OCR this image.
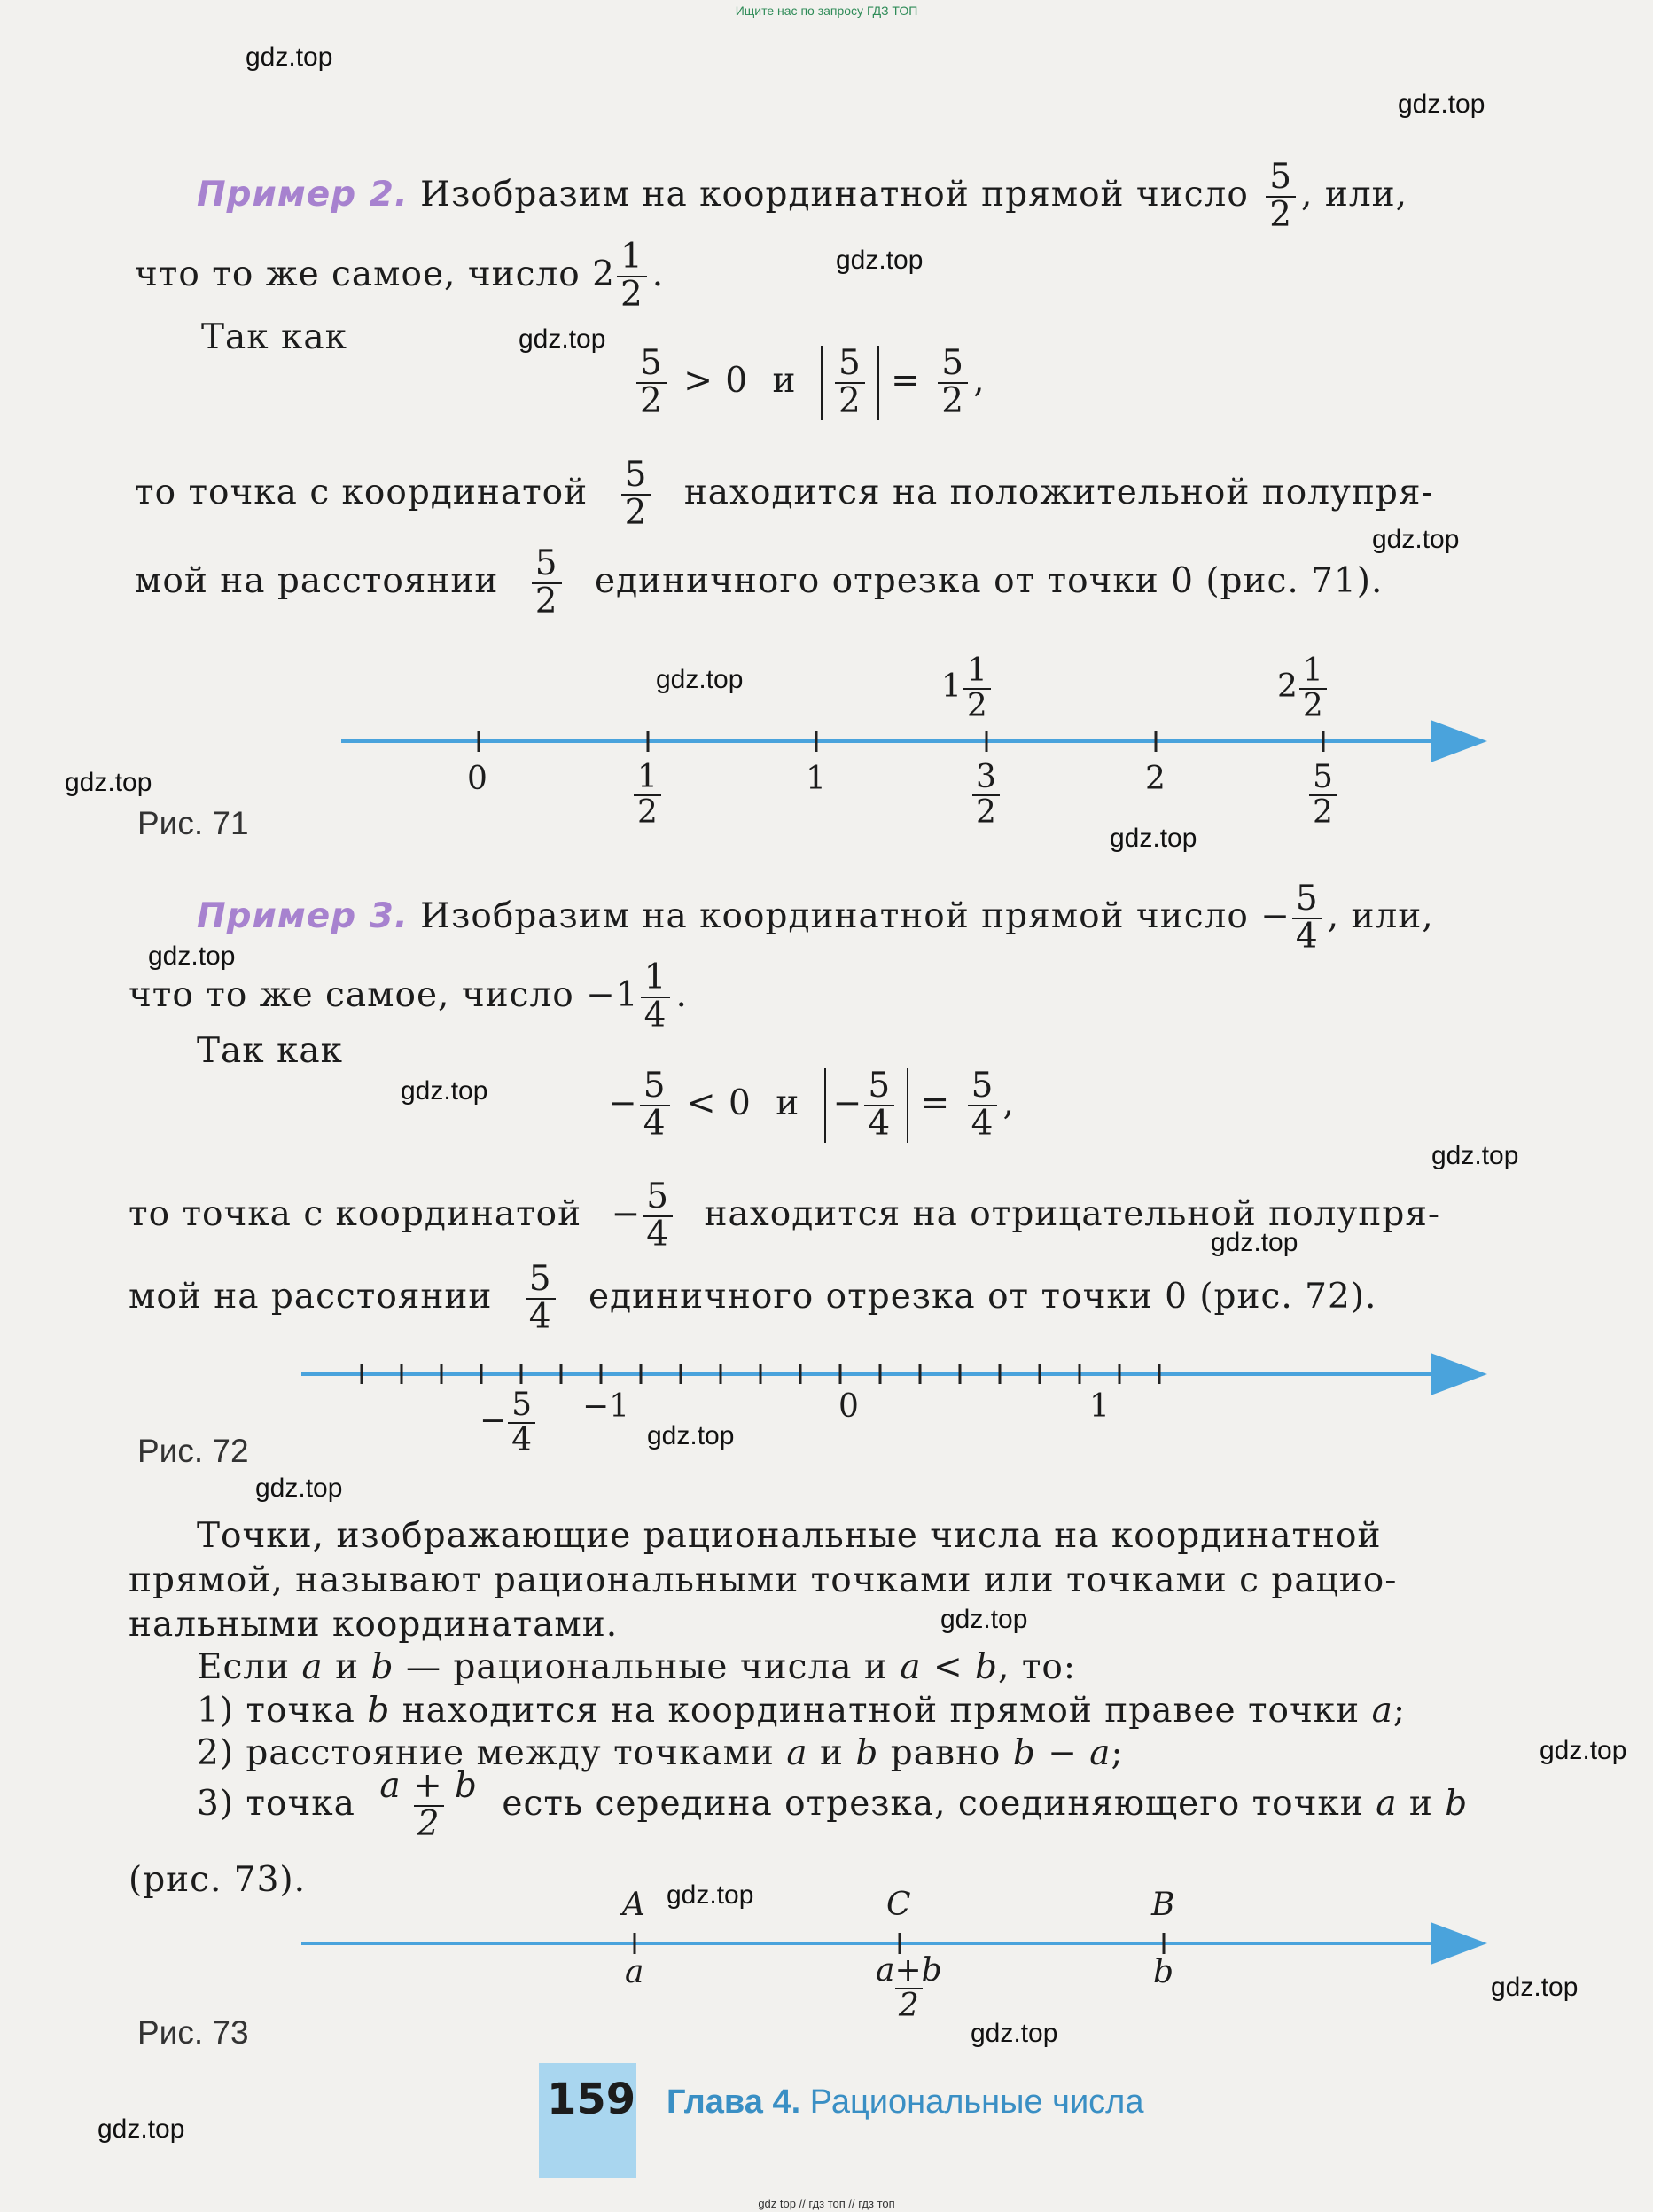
Ищите нас по запросу ГДЗ ТОП
gdz.top
gdz.top
gdz.top
gdz.top
gdz.top
gdz.top
gdz.top
gdz.top
gdz.top
gdz.top
gdz.top
gdz.top
gdz.top
gdz.top
gdz.top
gdz.top
gdz.top
gdz.top
gdz.top
gdz.top
Пример 2. Изобразим на координатной прямой число $\frac{5}{2}$ , или,
что то же самое, число $2 \frac{1}{2}$ .
Так как
$\frac{5}{2} > 0$ и $\frac{5}{2} = \frac{5}{2}$ ,
то точка с координатой $\frac{5}{2}$ находится на положительной полупря-
мой на расстоянии $\frac{5}{2}$ единичного отрезка от точки 0 (рис. 71).
$1 \frac{1}{2}$	$2 \frac{1}{2}$
0	$\frac{1}{2}$	1	$\frac{3}{2}$	2	$\frac{5}{2}$
Рис. 71
Пример 3. Изобразим на координатной прямой число − $\frac{5}{4}$ , или,
что то же самое, число $-1 \frac{1}{4}$ .
Так как
− $\frac{5}{4} < 0$ $и - \frac{5}{4} = \frac{5}{4}$ ,
то точка с координатой − $\frac{5}{4}$ находится на отрицательной полупря-
мой на расстоянии $\frac{5}{4}$ единичного отрезка от точки 0 (рис. 72).
− $\frac{5}{4} -1$	0	1
Рис. 72
Точки, изображающие рациональные числа на координатной
прямой, называют рациональными точками или точками с рацио-
нальными координатами.
Если a и b — рациональные числа и a < b, то:
1) точка b находится на координатной прямой правее точки a;
2) расстояние между точками a и b равно b − a;
3) точка $\frac{a + b}{2}$ есть середина отрезка, соединяющего точки a и b
(рис. 73).
A	C	B
a	$\frac{a+b}{2}$	b
Рис. 73
159 Глава 4. Рациональные числа
gdz top // гдз топ // гдз топ
